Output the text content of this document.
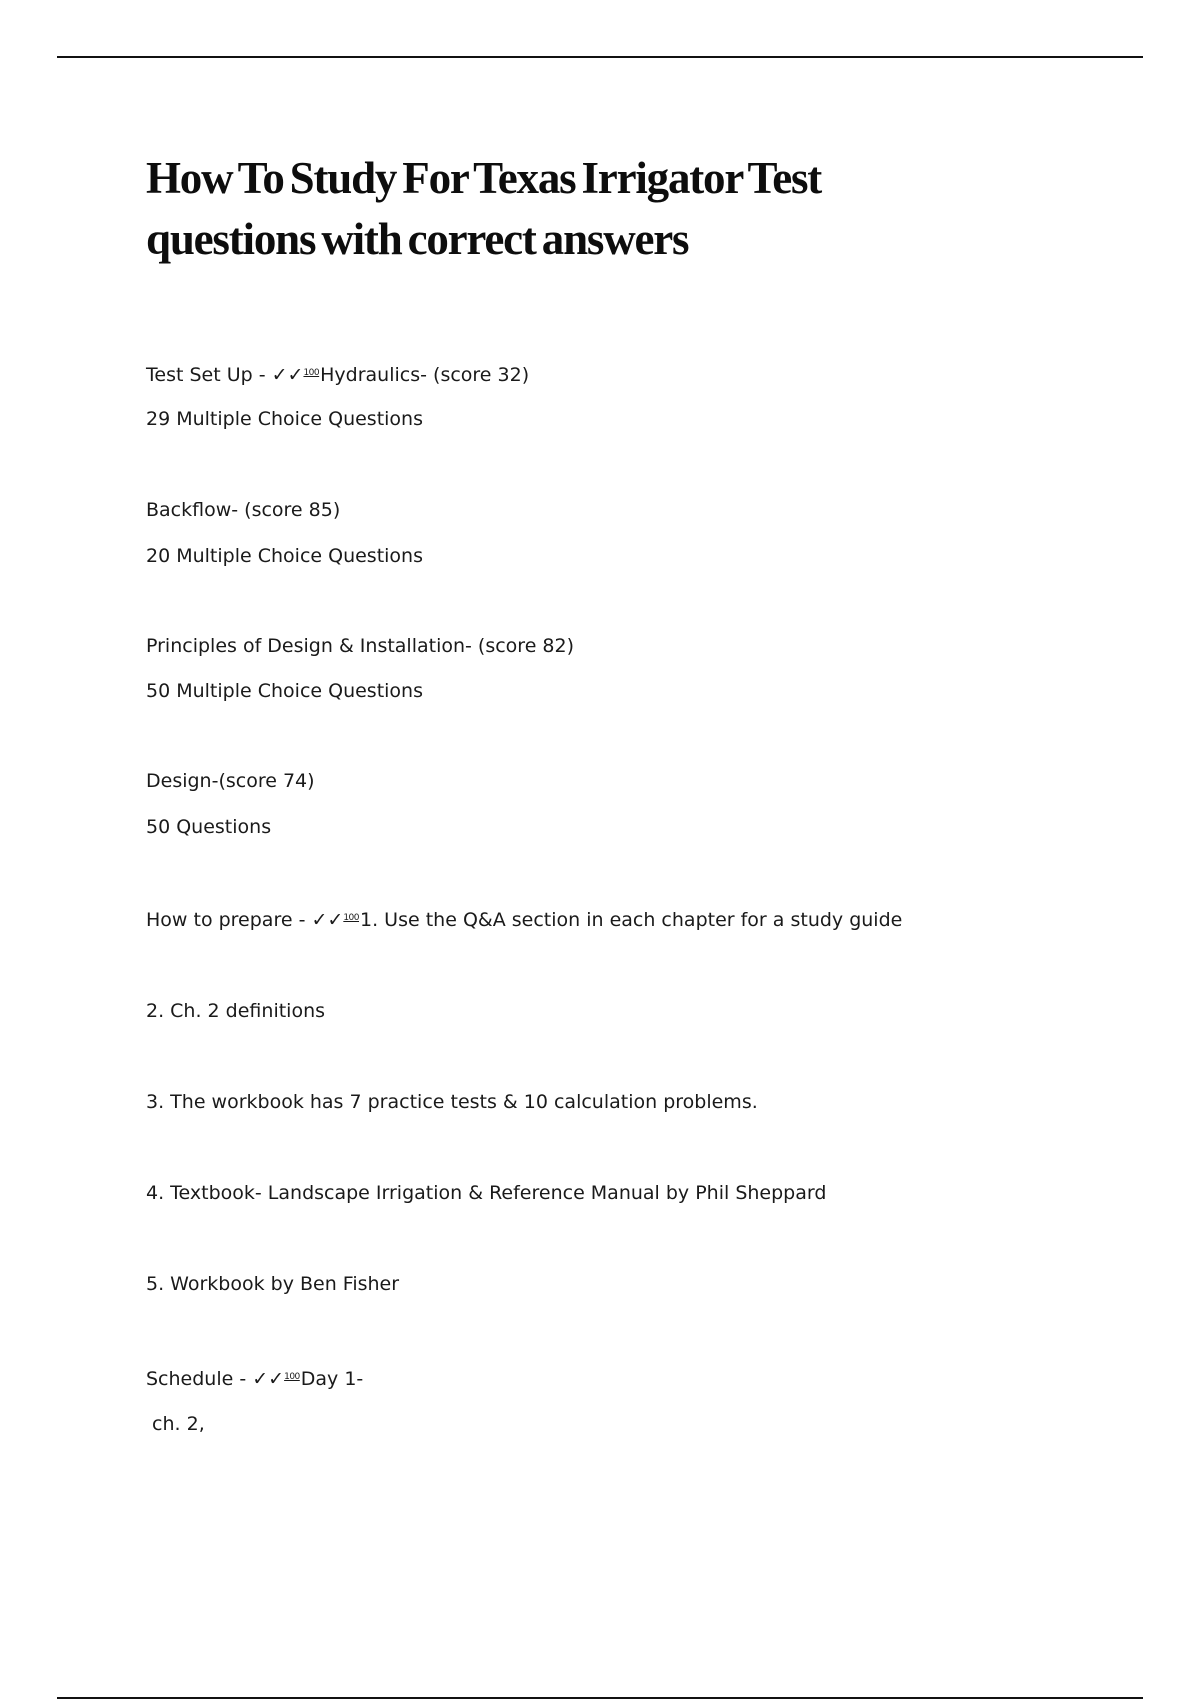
How To Study For Texas Irrigator Test
questions with correct answers

Test Set Up - ✓✓100Hydraulics- (score 32)

29 Multiple Choice Questions

Backflow- (score 85)

20 Multiple Choice Questions

Principles of Design & Installation- (score 82)

50 Multiple Choice Questions

Design-(score 74)

50 Questions

How to prepare - ✓✓1001. Use the Q&A section in each chapter for a study guide

2. Ch. 2 definitions

3. The workbook has 7 practice tests & 10 calculation problems.

4. Textbook- Landscape Irrigation & Reference Manual by Phil Sheppard

5. Workbook by Ben Fisher

Schedule - ✓✓100Day 1-

ch. 2,
